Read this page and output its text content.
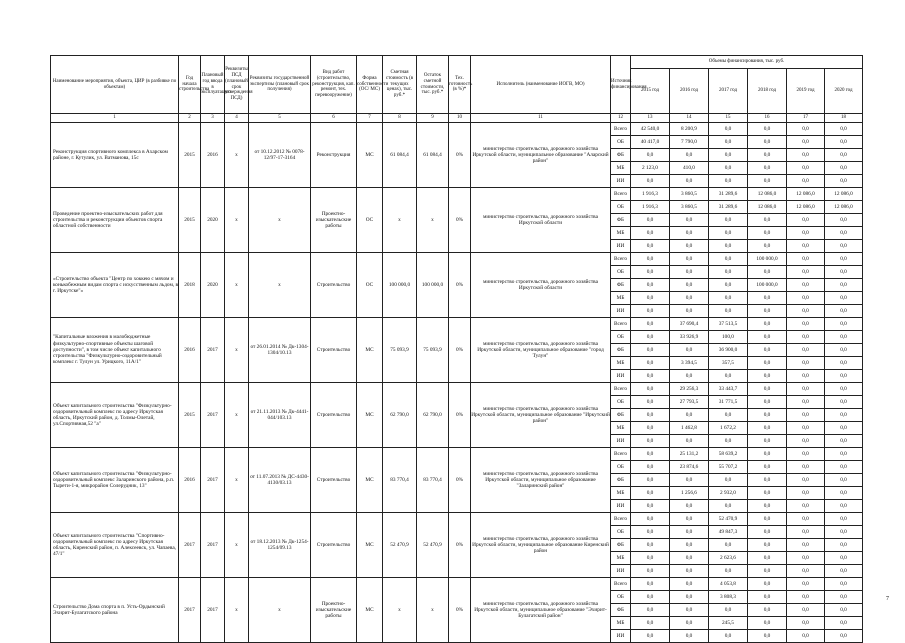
Наименование мероприятия, объекта, ЦИР (в разбивке по объектам)	Год начала строительства	Плановый год ввода в эксплуатацию	Реквизиты ПСД (плановый срок утверждения ПСД)	Реквизиты государственной экспертизы (плановый срок получения)	Вид работ (строительство, реконструкция, кап. ремонт, тех. перевооружение)	Форма собственности (ОС/ МС)	Сметная стоимость (в текущих ценах), тыс. руб.*	Остаток сметной стоимости, тыс. руб.*	Тех. готовность (в %)*	Исполнитель (наименование ИОГВ, МО)	Источник финансирования	Объемы финансирования, тыс. руб.					
												2015 год	2016 год	2017 год	2018 год	2019 год	2020 год
1	2	3	4	5	6	7	8	9	10	11	12	13	14	15	16	17	18
Реконструкция спортивного комплекса в Ахарском районе, г. Кутулик, ул. Ватманова, 15с	2015	2016	x	от 10.12.2012 № 0078-12/97-17-3164	Реконструкция	МС	61 084,4	61 084,4	0%	министерство строительства, дорожного хозяйства Иркутской области, муниципальное образование "Аларский район"	Всего	42 540,0	8 200,9	0,0	0,0	0,0	0,0
											ОБ	40 417,0	7 790,0	0,0	0,0	0,0	0,0
											ФБ	0,0	0,0	0,0	0,0	0,0	0,0
											МБ	2 123,0	410,0	0,0	0,0	0,0	0,0
											ИИ	0,0	0,0	0,0	0,0	0,0	0,0
Проведение проектно-изыскательских работ для строительства и реконструкции объектов спорта областной собственности	2015	2020	x	x	Проектно-изыскательские работы	ОС	x	x	0%	министерство строительства, дорожного хозяйства Иркутской области	Всего	1 916,3	3 860,5	31 289,6	12 086,0	12 086,0	12 086,0
											ОБ	1 916,3	3 860,5	31 289,6	12 086,0	12 086,0	12 086,0
											ФБ	0,0	0,0	0,0	0,0	0,0	0,0
											МБ	0,0	0,0	0,0	0,0	0,0	0,0
											ИИ	0,0	0,0	0,0	0,0	0,0	0,0
«Строительство объекта "Центр по хоккею с мячом и конькобежным видам спорта с искусственным льдом, в г. Иркутске"»	2018	2020	x	x	Строительство	ОС	100 000,0	100 000,0	0%	министерство строительства, дорожного хозяйства Иркутской области	Всего	0,0	0,0	0,0	100 000,0	0,0	0,0
											ОБ	0,0	0,0	0,0	0,0	0,0	0,0
											ФБ	0,0	0,0	0,0	100 000,0	0,0	0,0
											МБ	0,0	0,0	0,0	0,0	0,0	0,0
											ИИ	0,0	0,0	0,0	0,0	0,0	0,0
"Капитальные вложения в малобюджетные физкультурно-спортивные объекты шаговой доступности", в том числе объект капитального строительства "Физкультурно-оздоровительный комплекс г. Тулун ул. Урицкого, 11А/1"	2016	2017	x	от 26.01.2014 № Дк-1304-1304/10.13	Строительство	МС	75 093,9	75 093,9	0%	министерство строительства, дорожного хозяйства Иркутской области, муниципальное образование "город Тулун"	Всего	0,0	37 690,4	37 513,5	0,0	0,0	0,0
											ОБ	0,0	33 926,9	100,0	0,0	0,0	0,0
											ФБ	0,0	0,0	36 900,0	0,0	0,0	0,0
											МБ	0,0	3 394,5	357,5	0,0	0,0	0,0
											ИИ	0,0	0,0	0,0	0,0	0,0	0,0
Объект капитального строительства "Физкультурно-оздоровительный комплекс по адресу Иркутская область, Иркутский район, д. Толмы-Олетай, ул.Спортивная,52 "а"	2015	2017	x	от 21.11.2013 № Дк-4441-044/103.13	Строительство	МС	62 790,0	62 790,0	0%	министерство строительства, дорожного хозяйства Иркутской области, муниципальное образование "Иркутский район"	Всего	0,0	29 256,3	33 443,7	0,0	0,0	0,0
											ОБ	0,0	27 793,5	31 771,5	0,0	0,0	0,0
											ФБ	0,0	0,0	0,0	0,0	0,0	0,0
											МБ	0,0	1 462,8	1 672,2	0,0	0,0	0,0
											ИИ	0,0	0,0	0,0	0,0	0,0	0,0
Объект капитального строительства "Физкультурно-оздоровительный комплекс Заларинского района, р.п. Тырети-1-я, микрорайон Солерудник, 13"	2016	2017	x	от 11.07.2013 № ДС-4430-4130/03.13	Строительство	МС	83 770,4	83 770,4	0%	министерство строительства, дорожного хозяйства Иркутской области, муниципальное образование "Заларинский район"	Всего	0,0	25 131,2	58 639,2	0,0	0,0	0,0
											ОБ	0,0	23 874,6	55 707,2	0,0	0,0	0,0
											ФБ	0,0	0,0	0,0	0,0	0,0	0,0
											МБ	0,0	1 256,6	2 932,0	0,0	0,0	0,0
											ИИ	0,0	0,0	0,0	0,0	0,0	0,0
Объект капитального строительства "Спортивно-оздоровительный комплекс по адресу Иркутская область, Киренский район, п. Алексеевск, ул. Чапаева, 47/1"	2017	2017	x	от 18.12.2013 № Дк-1254-1254/09.13	Строительство	МС	52 470,9	52 470,9	0%	министерство строительства, дорожного хозяйства Иркутской области, муниципальное образование Киренский район	Всего	0,0	0,0	52 470,9	0,0	0,0	0,0
											ОБ	0,0	0,0	49 847,3	0,0	0,0	0,0
											ФБ	0,0	0,0	0,0	0,0	0,0	0,0
											МБ	0,0	0,0	2 623,6	0,0	0,0	0,0
											ИИ	0,0	0,0	0,0	0,0	0,0	0,0
Строительство Дома спорта в п. Усть-Ордынский Эхирит-Булагатского района	2017	2017	x	x	Проектно-изыскательские работы	МС	x	x	0%	министерство строительства, дорожного хозяйства Иркутской области, муниципальное образование "Эхирит-Булагатский район"	Всего	0,0	0,0	4 053,8	0,0	0,0	0,0
											ОБ	0,0	0,0	3 808,3	0,0	0,0	0,0
											ФБ	0,0	0,0	0,0	0,0	0,0	0,0
											МБ	0,0	0,0	245,5	0,0	0,0	0,0
											ИИ	0,0	0,0	0,0	0,0	0,0	0,0
7
